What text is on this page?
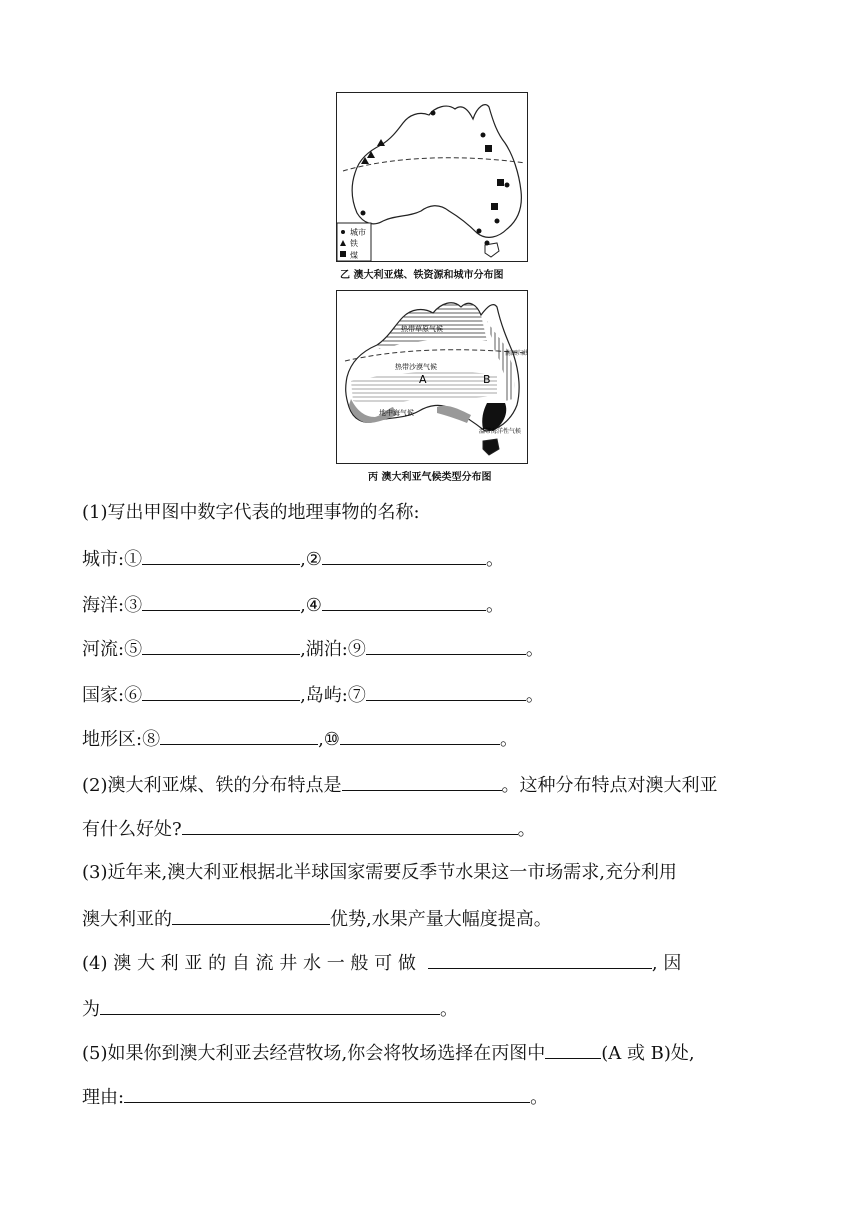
城市
铁
煤
乙 澳大利亚煤、铁资源和城市分布图
热带草原气候
南回归线
热带沙漠气候
A	B
地中海气候
温带海洋性气候
丙 澳大利亚气候类型分布图
(1)写出甲图中数字代表的地理事物的名称:
城市:①	,②	。
海洋:③	,④	。
河流:⑤	,湖泊:⑨	。
国家:⑥	,岛屿:⑦	。
地形区:⑧	,⑩	。
(2)澳大利亚煤、铁的分布特点是	。这种分布特点对澳大利亚
有什么好处?	。
(3)近年来,澳大利亚根据北半球国家需要反季节水果这一市场需求,充分利用
澳大利亚的	优势,水果产量大幅度提高。
(4) 澳 大 利 亚 的 自 流 井 水 一 般 可 做	, 因
为	。
(5)如果你到澳大利亚去经营牧场,你会将牧场选择在丙图中	(A 或 B)处,
理由:	。
